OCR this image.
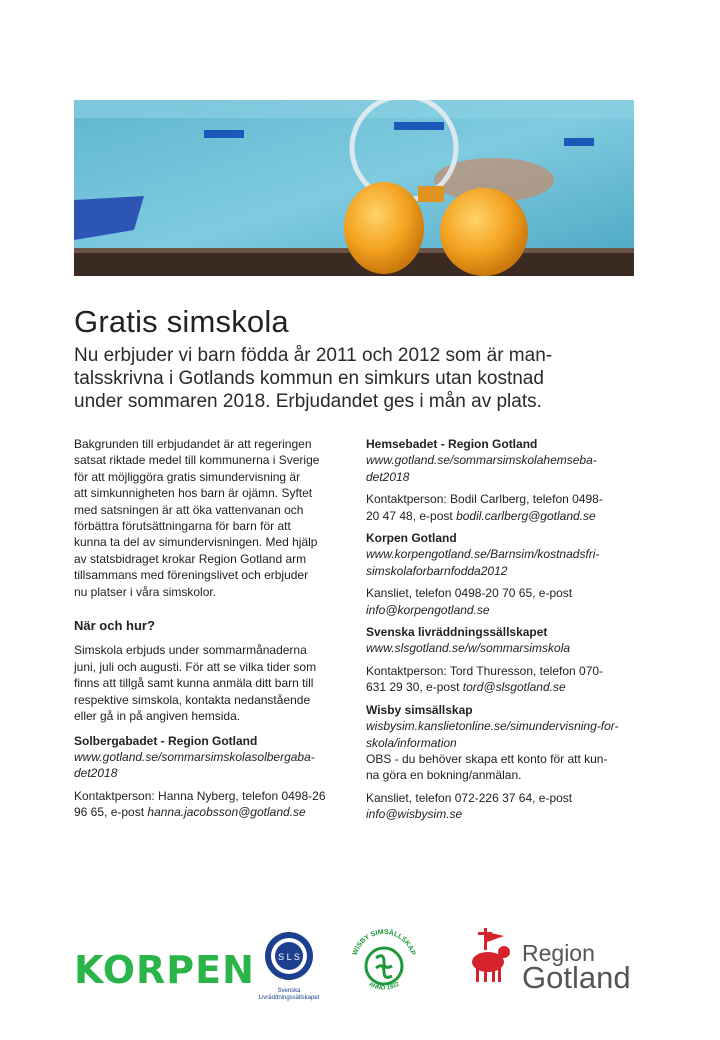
Gratis simskola
Nu erbjuder vi barn födda år 2011 och 2012 som är man-
talsskrivna i Gotlands kommun en simkurs utan kostnad
under sommaren 2018. Erbjudandet ges i mån av plats.
Bakgrunden till erbjudandet är att regeringen
satsat riktade medel till kommunerna i Sverige
för att möjliggöra gratis simundervisning är
att simkunnigheten hos barn är ojämn. Syftet
med satsningen är att öka vattenvanan och
förbättra förutsättningarna för barn för att
kunna ta del av simundervisningen. Med hjälp
av statsbidraget krokar Region Gotland arm
tillsammans med föreningslivet och erbjuder
nu platser i våra simskolor.
När och hur?
Simskola erbjuds under sommarmånaderna
juni, juli och augusti. För att se vilka tider som
finns att tillgå samt kunna anmäla ditt barn till
respektive simskola, kontakta nedanstående
eller gå in på angiven hemsida.
Solbergabadet - Region Gotland
www.gotland.se/sommarsimskolasolbergaba-
det2018
Kontaktperson: Hanna Nyberg, telefon 0498-26
96 65, e-post hanna.jacobsson@gotland.se
Hemsebadet - Region Gotland
www.gotland.se/sommarsimskolahemseba-
det2018
Kontaktperson: Bodil Carlberg, telefon 0498-
20 47 48, e-post bodil.carlberg@gotland.se
Korpen Gotland
www.korpengotland.se/Barnsim/kostnadsfri-
simskolaforbarnfodda2012
Kansliet, telefon 0498-20 70 65, e-post
info@korpengotland.se
Svenska livräddningssällskapet
www.slsgotland.se/w/sommarsimskola
Kontaktperson: Tord Thuresson, telefon 070-
631 29 30, e-post tord@slsgotland.se
Wisby simsällskap
wisbysim.kanslietonline.se/simundervisning-for-
skola/information
OBS - du behöver skapa ett konto för att kun-
na göra en bokning/anmälan.
Kansliet, telefon 072-226 37 64, e-post
info@wisbysim.se
KORPEN	S L S
Svenska
Livräddningssällskapet
WISBY SIMSÄLLSKAP
ANNO 1922
Region
Gotland
